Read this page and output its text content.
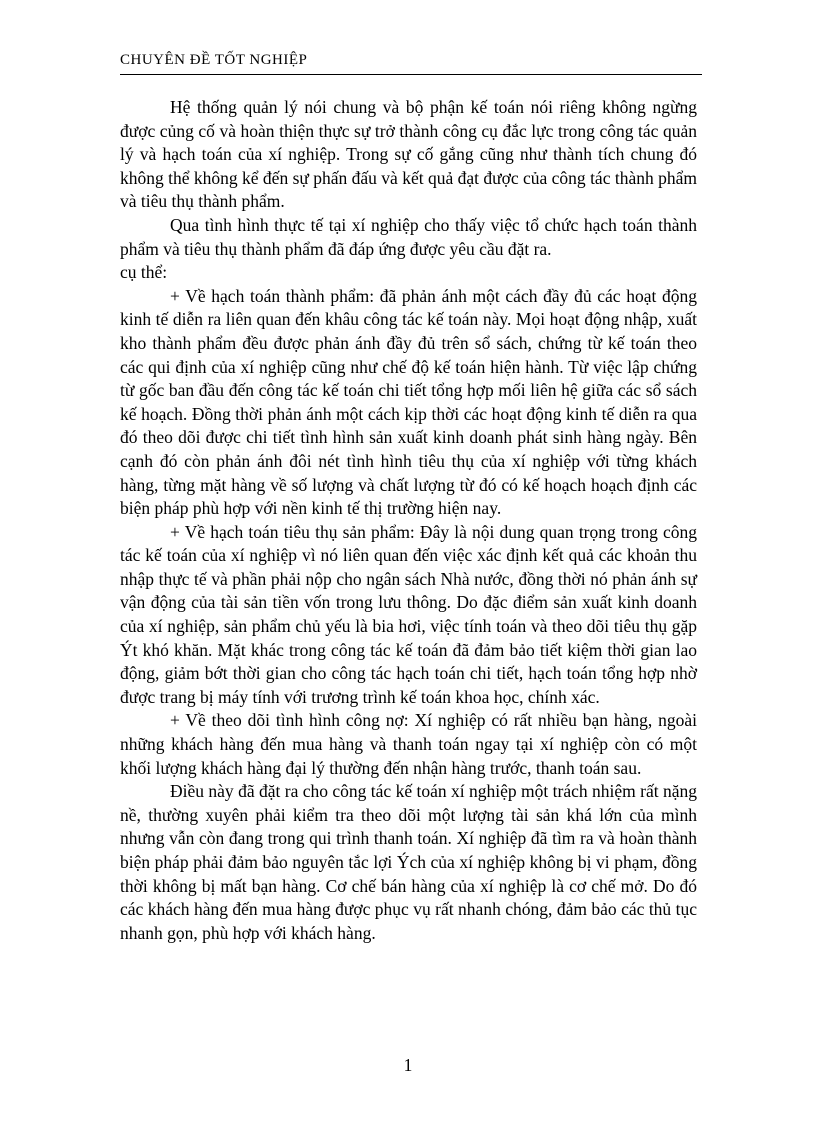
CHUYÊN ĐỀ TỐT NGHIỆP

Hệ thống quản lý nói chung và bộ phận kế toán nói riêng không ngừng được củng cố và hoàn thiện thực sự trở thành công cụ đắc lực trong công tác quản lý và hạch toán của xí nghiệp. Trong sự cố gắng cũng như thành tích chung đó không thể không kể đến sự phấn đấu và kết quả đạt được của công tác thành phẩm và tiêu thụ thành phẩm.

Qua tình hình thực tế tại xí nghiệp cho thấy việc tổ chức hạch toán thành phẩm và tiêu thụ thành phẩm đã đáp ứng được yêu cầu đặt ra.

cụ thể:

+ Về hạch toán thành phẩm: đã phản ánh một cách đầy đủ các hoạt động kinh tế diễn ra liên quan đến khâu công tác kế toán này. Mọi hoạt động nhập, xuất kho thành phẩm đều được phản ánh đầy đủ trên sổ sách, chứng từ kế toán theo các qui định của xí nghiệp cũng như chế độ kế toán hiện hành. Từ việc lập chứng từ gốc ban đầu đến công tác kế toán chi tiết tổng hợp mối liên hệ giữa các sổ sách kế hoạch. Đồng thời phản ánh một cách kịp thời các hoạt động kinh tế diễn ra qua đó theo dõi được chi tiết tình hình sản xuất kinh doanh phát sinh hàng ngày. Bên cạnh đó còn phản ánh đôi nét tình hình tiêu thụ của xí nghiệp với từng khách hàng, từng mặt hàng về số lượng và chất lượng từ đó có kế hoạch hoạch định các biện pháp phù hợp với nền kinh tế thị trường hiện nay.

+ Về hạch toán tiêu thụ sản phẩm: Đây là nội dung quan trọng trong công tác kế toán của xí nghiệp vì nó liên quan đến việc xác định kết quả các khoản thu nhập thực tế và phần phải nộp cho ngân sách Nhà nước, đồng thời nó phản ánh sự vận động của tài sản tiền vốn trong lưu thông. Do đặc điểm sản xuất kinh doanh của xí nghiệp, sản phẩm chủ yếu là bia hơi, việc tính toán và theo dõi tiêu thụ gặp Ýt khó khăn. Mặt khác trong công tác kế toán đã đảm bảo tiết kiệm thời gian lao động, giảm bớt thời gian cho công tác hạch toán chi tiết, hạch toán tổng hợp nhờ được trang bị máy tính với trương trình kế toán khoa học, chính xác.

+ Về theo dõi tình hình công nợ: Xí nghiệp có rất nhiều bạn hàng, ngoài những khách hàng đến mua hàng và thanh toán ngay tại xí nghiệp còn có một khối lượng khách hàng đại lý thường đến nhận hàng trước, thanh toán sau.

Điều này đã đặt ra cho công tác kế toán xí nghiệp một trách nhiệm rất nặng nề, thường xuyên phải kiểm tra theo dõi một lượng tài sản khá lớn của mình nhưng vẫn còn đang trong qui trình thanh toán. Xí nghiệp đã tìm ra và hoàn thành biện pháp phải đảm bảo nguyên tắc lợi Ých của xí nghiệp không bị vi phạm, đồng thời không bị mất bạn hàng. Cơ chế bán hàng của xí nghiệp là cơ chế mở. Do đó các khách hàng đến mua hàng được phục vụ rất nhanh chóng, đảm bảo các thủ tục nhanh gọn, phù hợp với khách hàng.

1
